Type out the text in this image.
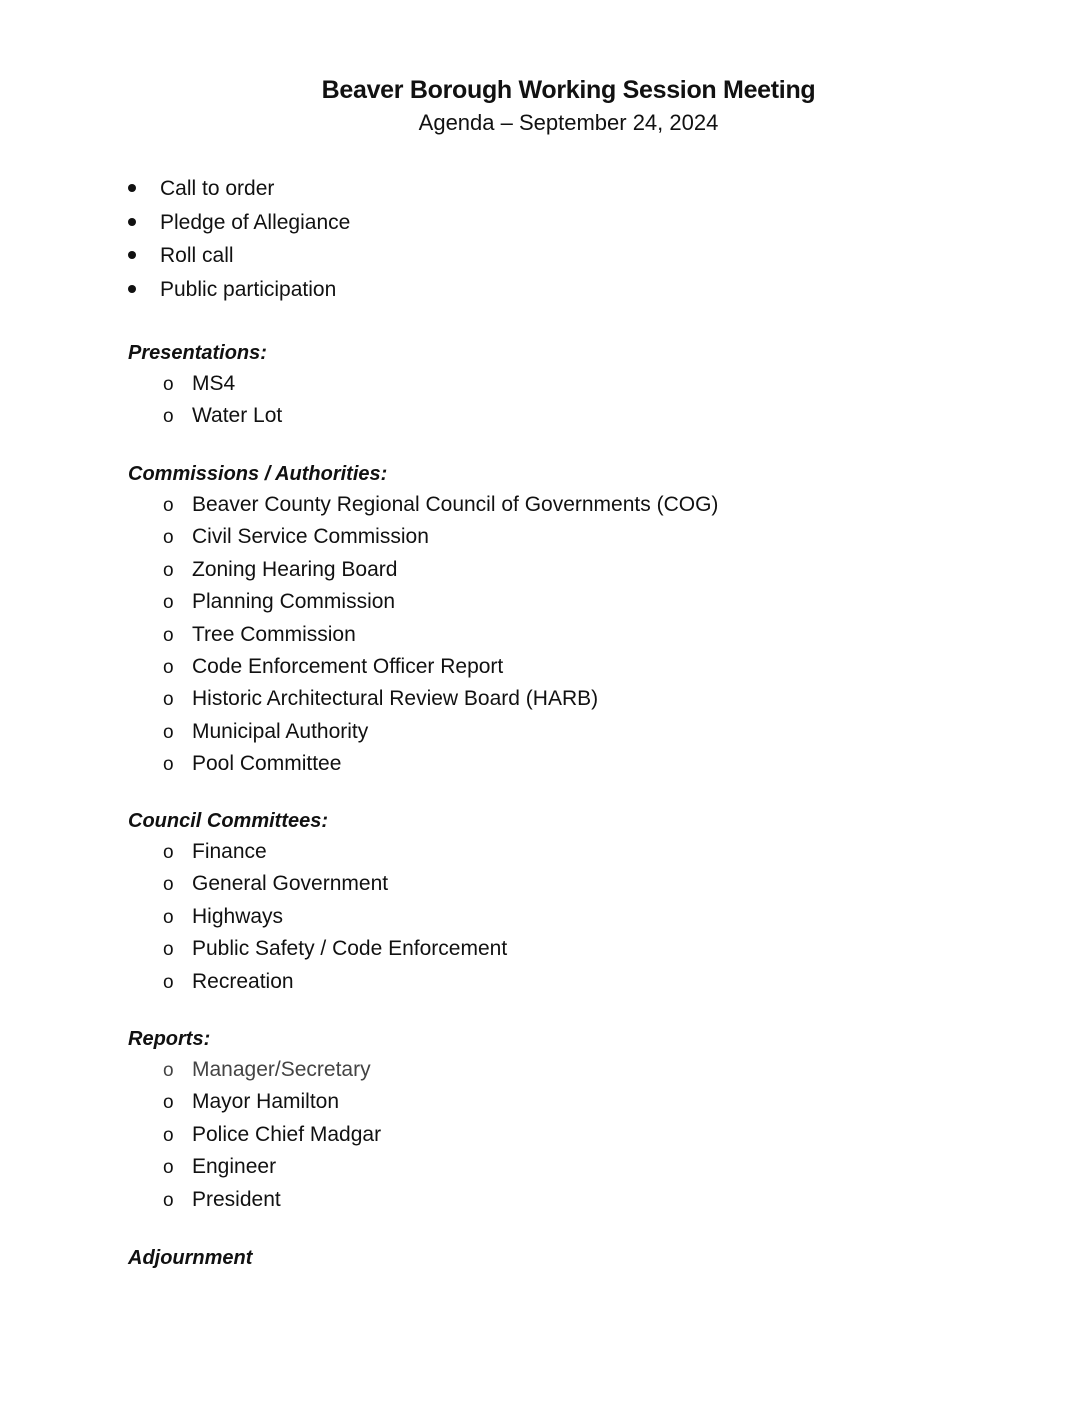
Beaver Borough Working Session Meeting
Agenda – September 24, 2024
Call to order
Pledge of Allegiance
Roll call
Public participation
Presentations:
o MS4
o Water Lot
Commissions / Authorities:
o Beaver County Regional Council of Governments (COG)
o Civil Service Commission
o Zoning Hearing Board
o Planning Commission
o Tree Commission
o Code Enforcement Officer Report
o Historic Architectural Review Board (HARB)
o Municipal Authority
o Pool Committee
Council Committees:
o Finance
o General Government
o Highways
o Public Safety / Code Enforcement
o Recreation
Reports:
o Manager/Secretary
o Mayor Hamilton
o Police Chief Madgar
o Engineer
o President
Adjournment
